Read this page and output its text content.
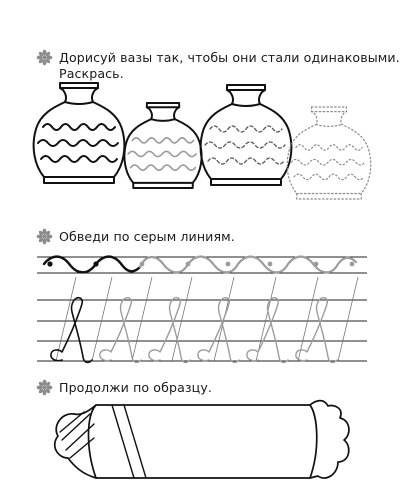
Дорисуй вазы так, чтобы они стали одинаковыми.
Раскрась.
Обведи по серым линиям.
Продолжи по образцу.
